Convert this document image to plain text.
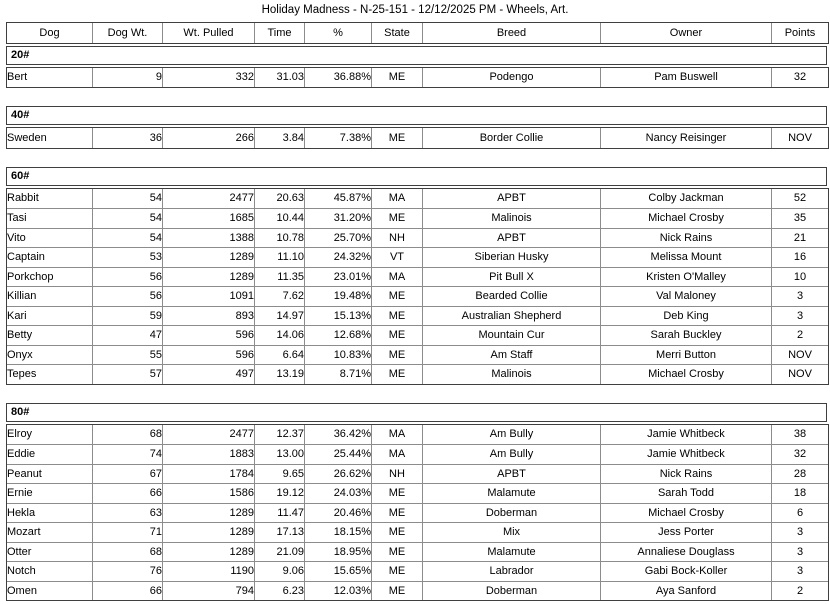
Holiday Madness - N-25-151 - 12/12/2025 PM - Wheels, Art.
Dog	Dog Wt.	Wt. Pulled	Time	%	State	Breed	Owner	Points
20#
Bert	9	332	31.03	36.88%	ME	Podengo	Pam Buswell	32
40#
Sweden	36	266	3.84	7.38%	ME	Border Collie	Nancy Reisinger	NOV
60#
Rabbit	54	2477	20.63	45.87%	MA	APBT	Colby Jackman	52
Tasi	54	1685	10.44	31.20%	ME	Malinois	Michael Crosby	35
Vito	54	1388	10.78	25.70%	NH	APBT	Nick Rains	21
Captain	53	1289	11.10	24.32%	VT	Siberian Husky	Melissa Mount	16
Porkchop	56	1289	11.35	23.01%	MA	Pit Bull X	Kristen O'Malley	10
Killian	56	1091	7.62	19.48%	ME	Bearded Collie	Val Maloney	3
Kari	59	893	14.97	15.13%	ME	Australian Shepherd	Deb King	3
Betty	47	596	14.06	12.68%	ME	Mountain Cur	Sarah Buckley	2
Onyx	55	596	6.64	10.83%	ME	Am Staff	Merri Button	NOV
Tepes	57	497	13.19	8.71%	ME	Malinois	Michael Crosby	NOV
80#
Elroy	68	2477	12.37	36.42%	MA	Am Bully	Jamie Whitbeck	38
Eddie	74	1883	13.00	25.44%	MA	Am Bully	Jamie Whitbeck	32
Peanut	67	1784	9.65	26.62%	NH	APBT	Nick Rains	28
Ernie	66	1586	19.12	24.03%	ME	Malamute	Sarah Todd	18
Hekla	63	1289	11.47	20.46%	ME	Doberman	Michael Crosby	6
Mozart	71	1289	17.13	18.15%	ME	Mix	Jess Porter	3
Otter	68	1289	21.09	18.95%	ME	Malamute	Annaliese Douglass	3
Notch	76	1190	9.06	15.65%	ME	Labrador	Gabi Bock-Koller	3
Omen	66	794	6.23	12.03%	ME	Doberman	Aya Sanford	2
